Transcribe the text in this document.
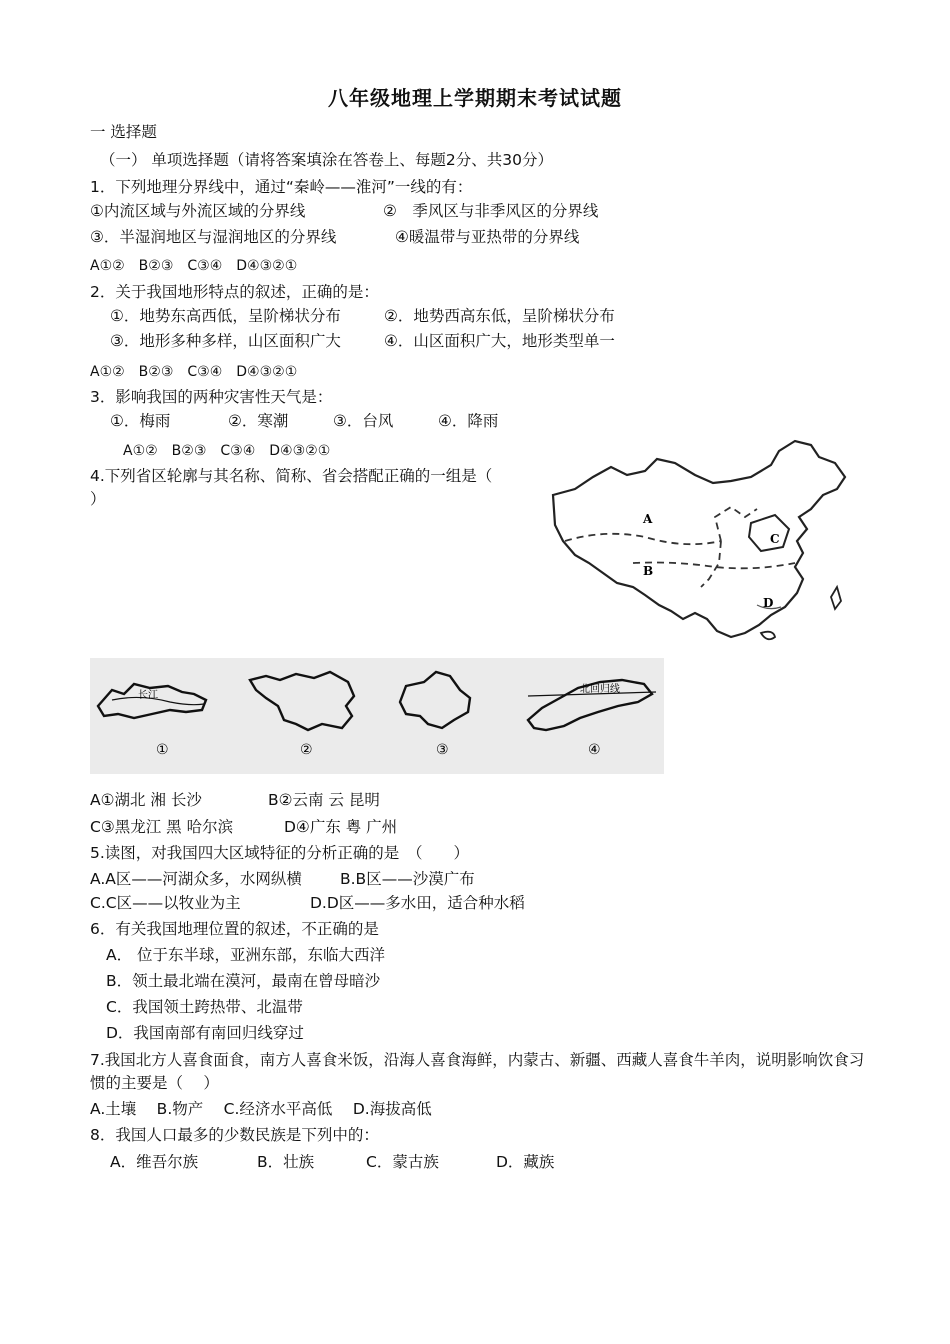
八年级地理上学期期末考试试题
一 选择题
（一） 单项选择题（请将答案填涂在答卷上、每题2分、共30分）
1．下列地理分界线中，通过“秦岭——淮河”一线的有：
①内流区域与外流区域的分界线	②　季风区与非季风区的分界线
③．半湿润地区与湿润地区的分界线	④暖温带与亚热带的分界线
A①②　B②③　C③④　D④③②①
2．关于我国地形特点的叙述，正确的是：
①．地势东高西低，呈阶梯状分布	②．地势西高东低，呈阶梯状分布
③．地形多种多样，山区面积广大	④．山区面积广大，地形类型单一
A①②　B②③　C③④　D④③②①
3．影响我国的两种灾害性天气是：
①．梅雨	②．寒潮	③．台风	④．降雨
A①②　B②③　C③④　D④③②①
4.下列省区轮廓与其名称、简称、省会搭配正确的一组是（
）
A
B
C
D
长江
北回归线
①	②	③	④
A①湖北 湘 长沙	B②云南 云 昆明
C③黑龙江 黑 哈尔滨	D④广东 粤 广州
5.读图，对我国四大区域特征的分析正确的是　（　　）
A.A区——河湖众多，水网纵横 B.B区——沙漠广布
C.C区——以牧业为主	D.D区——多水田，适合种水稻
6．有关我国地理位置的叙述，不正确的是
A． 位于东半球，亚洲东部，东临大西洋
B．领土最北端在漠河，最南在曾母暗沙
C．我国领土跨热带、北温带
D．我国南部有南回归线穿过
7.我国北方人喜食面食，南方人喜食米饭，沿海人喜食海鲜，内蒙古、新疆、西藏人喜食牛羊肉，说明影响饮食习惯的主要是（　 ）
A.土壤　 B.物产　 C.经济水平高低　 D.海拔高低
8．我国人口最多的少数民族是下列中的：
A．维吾尔族	B．壮族	C．蒙古族	D．藏族
